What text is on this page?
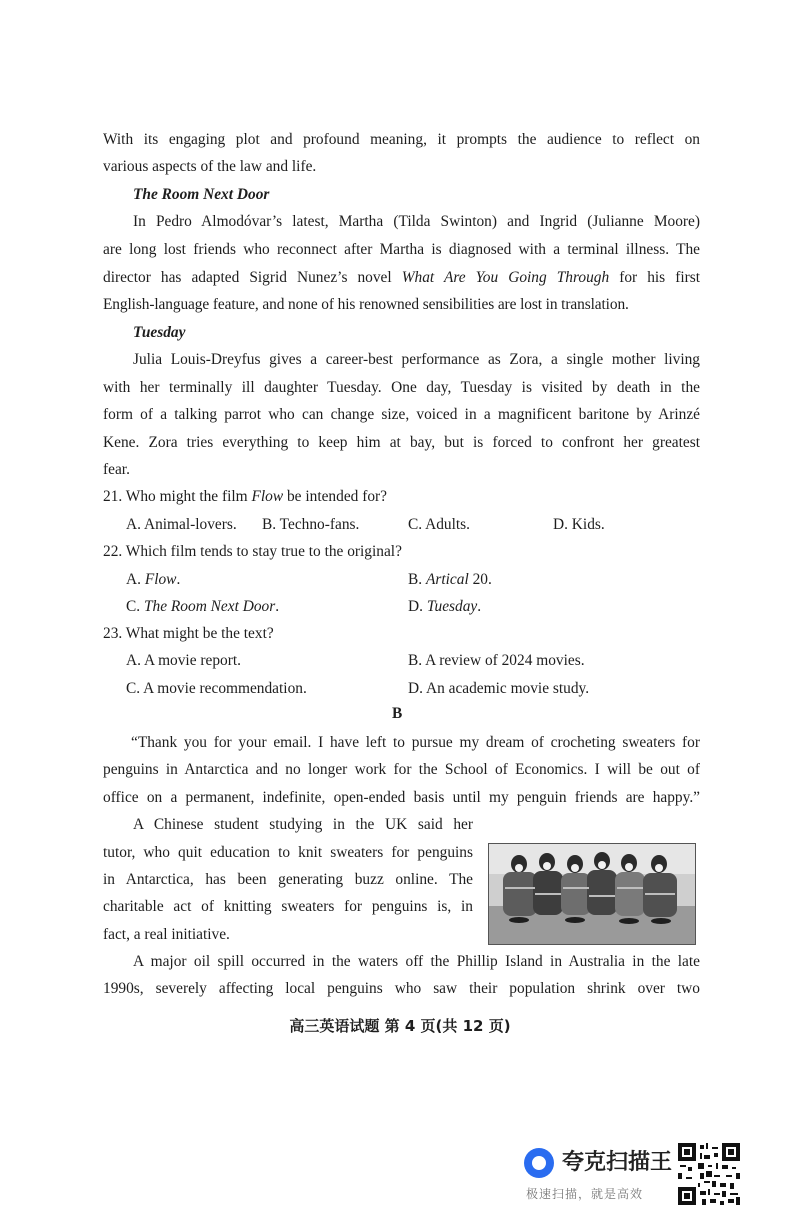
With its engaging plot and profound meaning, it prompts the audience to reflect on
various aspects of the law and life.
The Room Next Door
In Pedro Almodóvar’s latest, Martha (Tilda Swinton) and Ingrid (Julianne Moore)
are long lost friends who reconnect after Martha is diagnosed with a terminal illness. The
director has adapted Sigrid Nunez’s novel What Are You Going Through for his first
English-language feature, and none of his renowned sensibilities are lost in translation.
Tuesday
Julia Louis-Dreyfus gives a career-best performance as Zora, a single mother living
with her terminally ill daughter Tuesday. One day, Tuesday is visited by death in the
form of a talking parrot who can change size, voiced in a magnificent baritone by Arinzé
Kene. Zora tries everything to keep him at bay, but is forced to confront her greatest
fear.
21. Who might the film Flow be intended for?
A. Animal-lovers. B. Techno-fans.	C. Adults.	D. Kids.
22. Which film tends to stay true to the original?
A. Flow.	B. Artical 20.
C. The Room Next Door.	D. Tuesday.
23. What might be the text?
A. A movie report.	B. A review of 2024 movies.
C. A movie recommendation.	D. An academic movie study.
B
“Thank you for your email. I have left to pursue my dream of crocheting sweaters for
penguins in Antarctica and no longer work for the School of Economics. I will be out of
office on a permanent, indefinite, open-ended basis until my penguin friends are happy.”
A Chinese student studying in the UK said her
tutor, who quit education to knit sweaters for penguins
in Antarctica, has been generating buzz online. The
charitable act of knitting sweaters for penguins is, in
fact, a real initiative.
A major oil spill occurred in the waters off the Phillip Island in Australia in the late
1990s, severely affecting local penguins who saw their population shrink over two
高三英语试题 第 4 页(共 12 页)
夸克扫描王
极速扫描，就是高效
